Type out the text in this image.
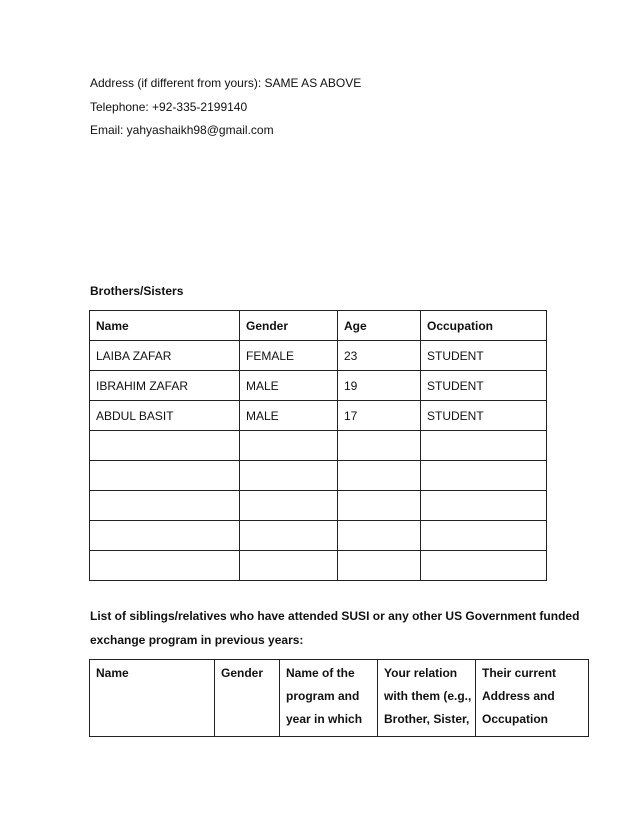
Address (if different from yours): SAME AS ABOVE

Telephone: +92-335-2199140

Email: yahyashaikh98@gmail.com

Brothers/Sisters

Name	Gender	Age	Occupation
LAIBA ZAFAR	FEMALE	23	STUDENT
IBRAHIM ZAFAR	MALE	19	STUDENT
ABDUL BASIT	MALE	17	STUDENT

List of siblings/relatives who have attended SUSI or any other US Government funded

exchange program in previous years:

Name	Gender	Name of the program and year in which	Your relation with them (e.g., Brother, Sister,	Their current Address and Occupation
